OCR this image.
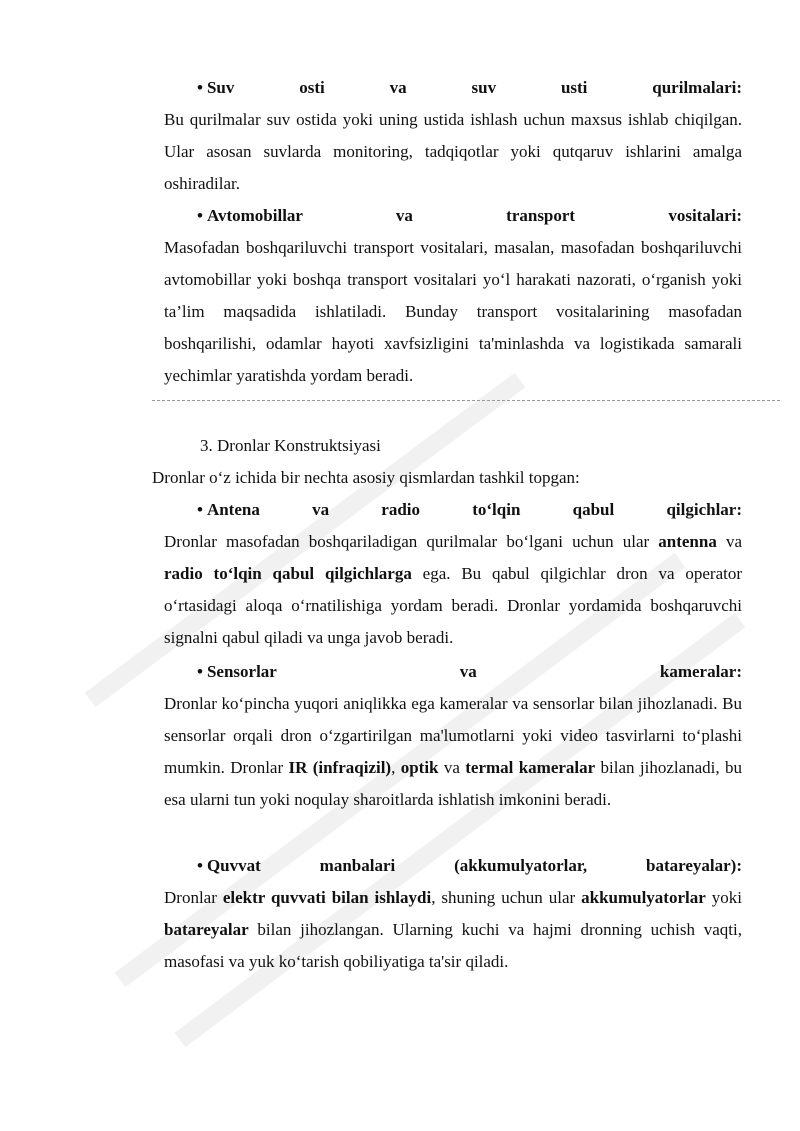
• Suv osti va suv usti qurilmalari:
Bu qurilmalar suv ostida yoki uning ustida ishlash uchun maxsus ishlab chiqilgan. Ular asosan suvlarda monitoring, tadqiqotlar yoki qutqaruv ishlarini amalga oshiradilar.
• Avtomobillar va transport vositalari:
Masofadan boshqariluvchi transport vositalari, masalan, masofadan boshqariluvchi avtomobillar yoki boshqa transport vositalari yo‘l harakati nazorati, o‘rganish yoki ta’lim maqsadida ishlatiladi. Bunday transport vositalarining masofadan boshqarilishi, odamlar hayoti xavfsizligini ta'minlashda va logistikada samarali yechimlar yaratishda yordam beradi.
3. Dronlar Konstruktsiyasi
Dronlar o‘z ichida bir nechta asosiy qismlardan tashkil topgan:
• Antena va radio to‘lqin qabul qilgichlar:
Dronlar masofadan boshqariladigan qurilmalar bo‘lgani uchun ular antenna va radio to‘lqin qabul qilgichlarga ega. Bu qabul qilgichlar dron va operator o‘rtasidagi aloqa o‘rnatilishiga yordam beradi. Dronlar yordamida boshqaruvchi signalni qabul qiladi va unga javob beradi.
• Sensorlar va kameralar:
Dronlar ko‘pincha yuqori aniqlikka ega kameralar va sensorlar bilan jihozlanadi. Bu sensorlar orqali dron o‘zgartirilgan ma'lumotlarni yoki video tasvirlarni to‘plashi mumkin. Dronlar IR (infraqizil), optik va termal kameralar bilan jihozlanadi, bu esa ularni tun yoki noqulay sharoitlarda ishlatish imkonini beradi.
• Quvvat manbalari (akkumulyatorlar, batareyalar):
Dronlar elektr quvvati bilan ishlaydi, shuning uchun ular akkumulyatorlar yoki batareyalar bilan jihozlangan. Ularning kuchi va hajmi dronning uchish vaqti, masofasi va yuk ko‘tarish qobiliyatiga ta'sir qiladi.
